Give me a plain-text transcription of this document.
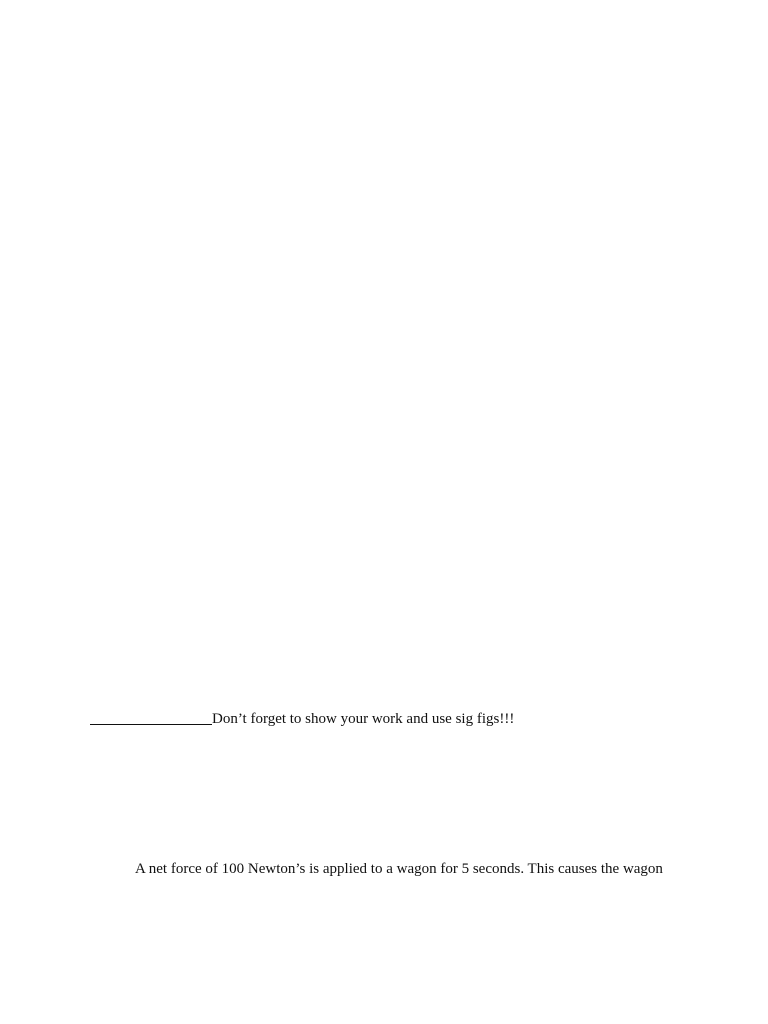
Don’t forget to show your work and use sig figs!!!
A net force of 100 Newton’s is applied to a wagon for 5 seconds. This causes the wagon
